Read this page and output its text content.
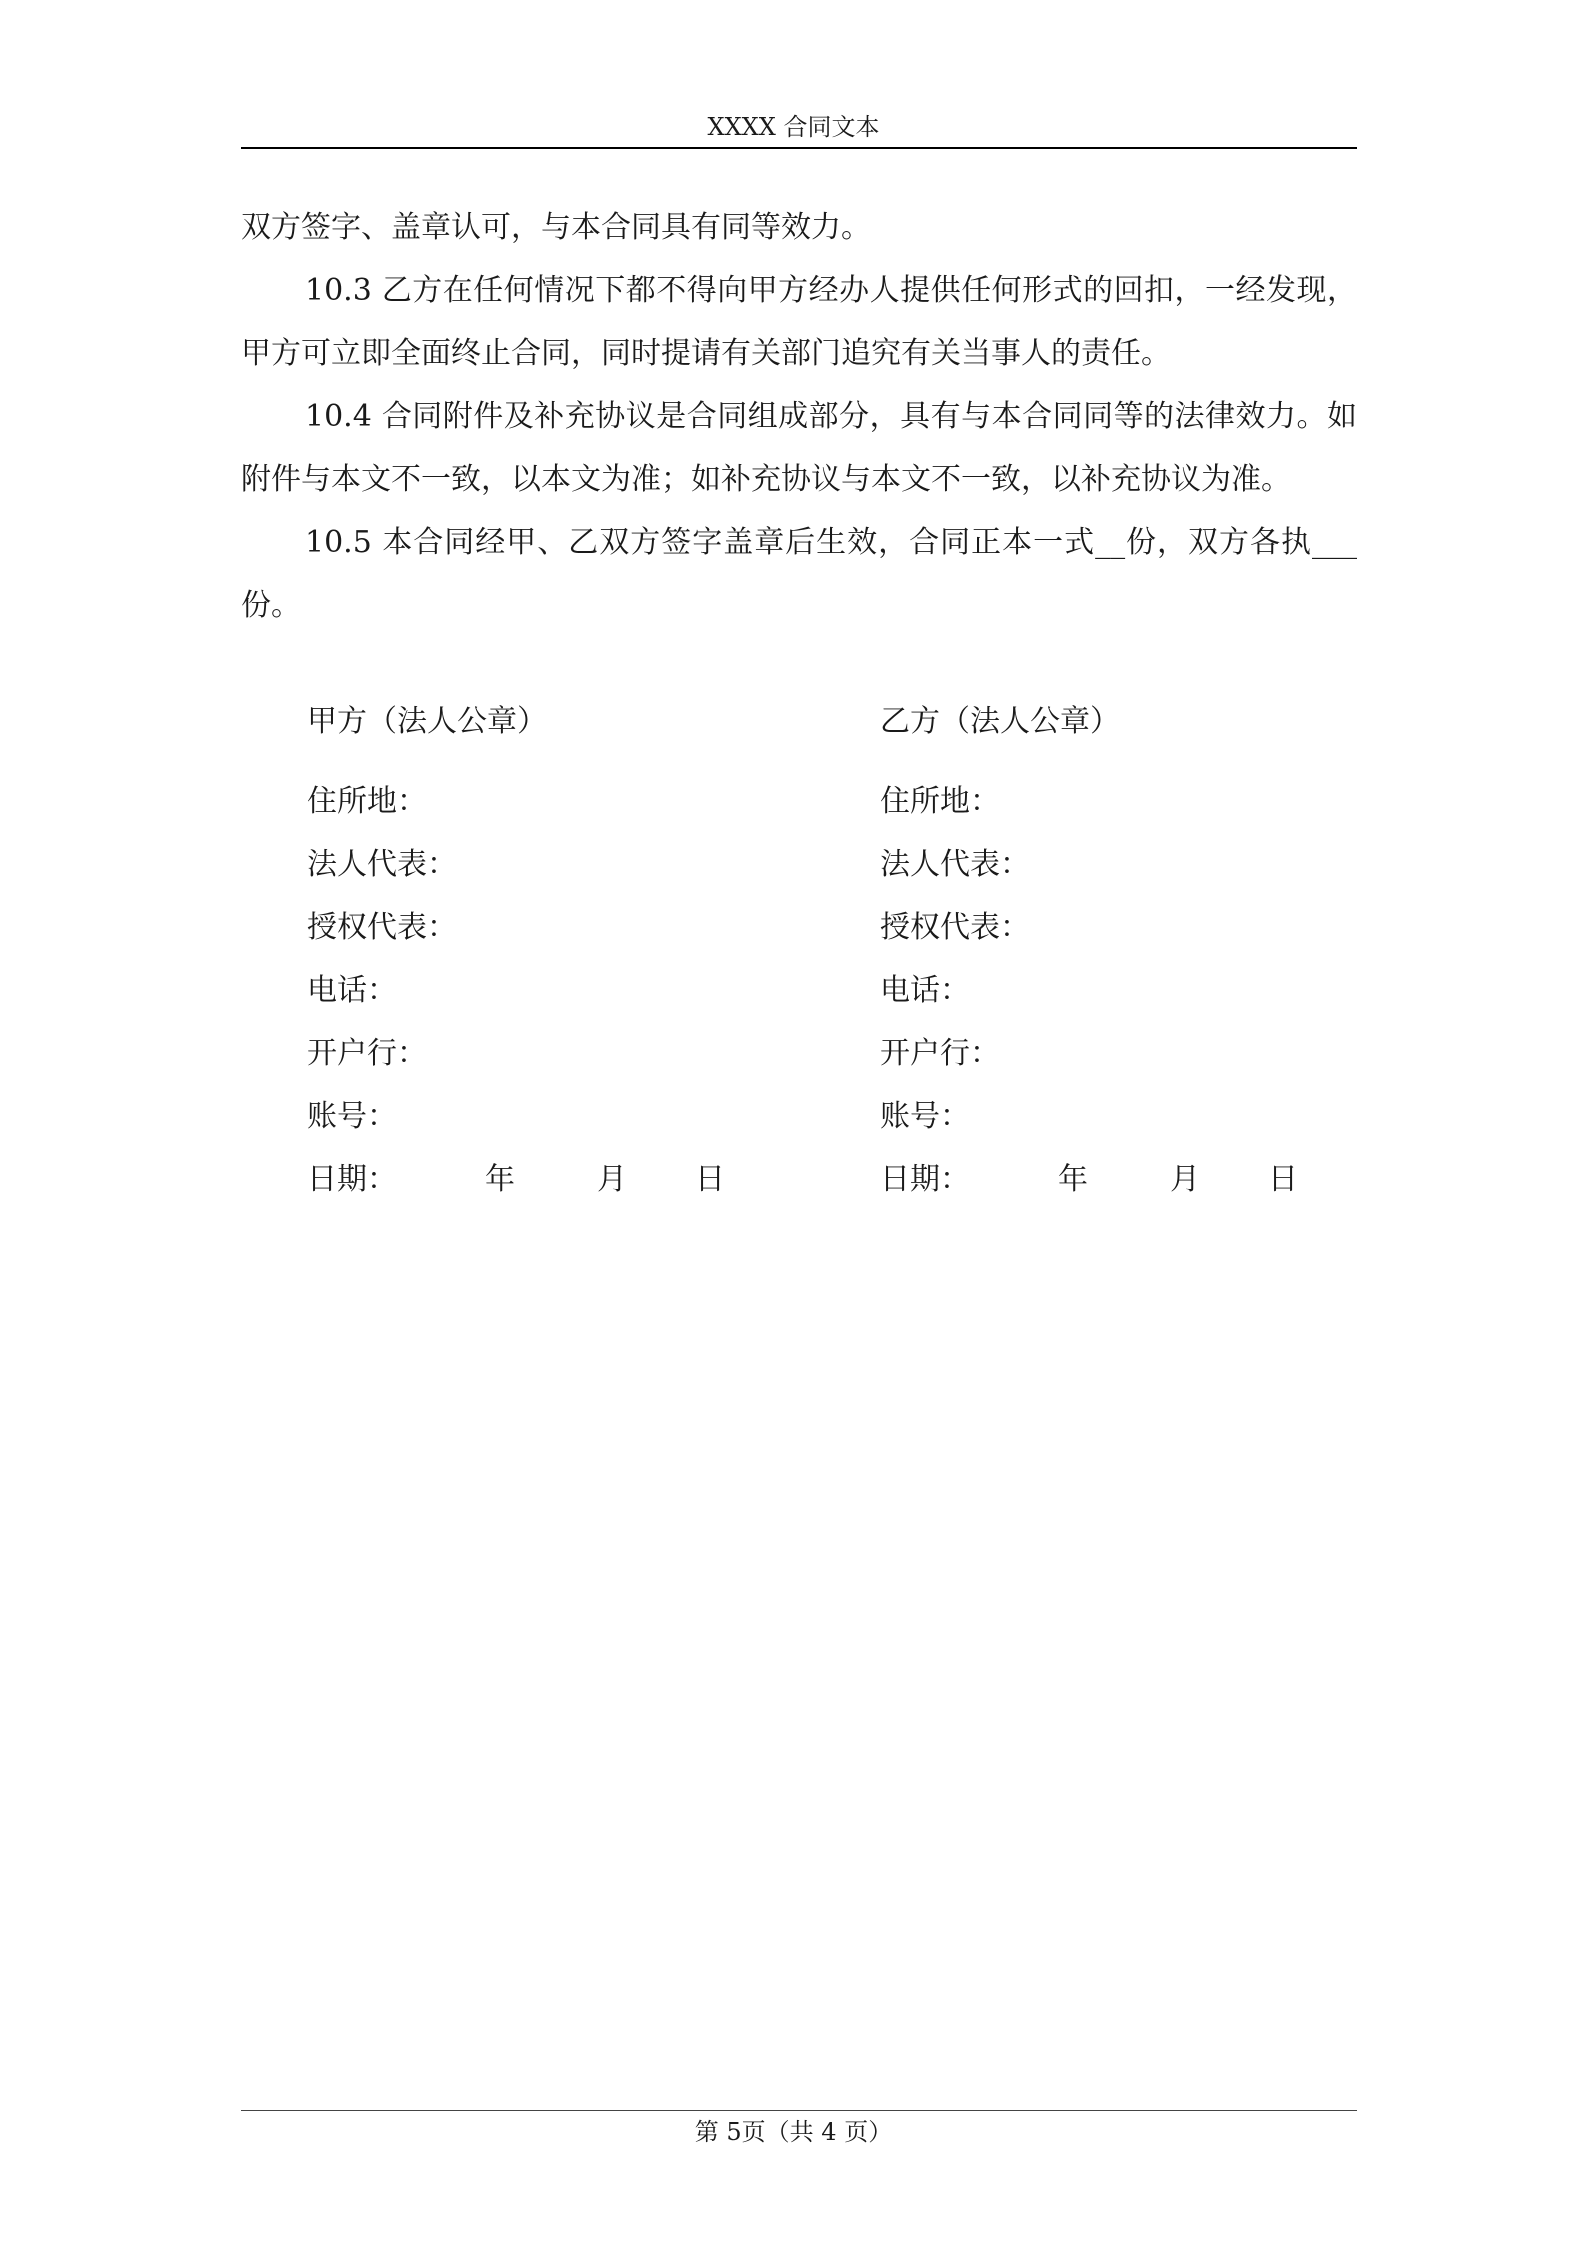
XXXX 合同文本

双方签字、盖章认可，与本合同具有同等效力。

10.3 乙方在任何情况下都不得向甲方经办人提供任何形式的回扣，一经发现，甲方可立即全面终止合同，同时提请有关部门追究有关当事人的责任。

10.4 合同附件及补充协议是合同组成部分，具有与本合同同等的法律效力。如附件与本文不一致，以本文为准；如补充协议与本文不一致，以补充协议为准。

10.5 本合同经甲、乙双方签字盖章后生效，合同正本一式__份，双方各执___份。

甲方（法人公章）
住所地：
法人代表：
授权代表：
电话：
开户行：
账号：

日期：

	年

	月

日

乙方（法人公章）
住所地：
法人代表：
授权代表：
电话：
开户行：
账号：

日期：

	年

	月

日

第 5页（共 4 页）
